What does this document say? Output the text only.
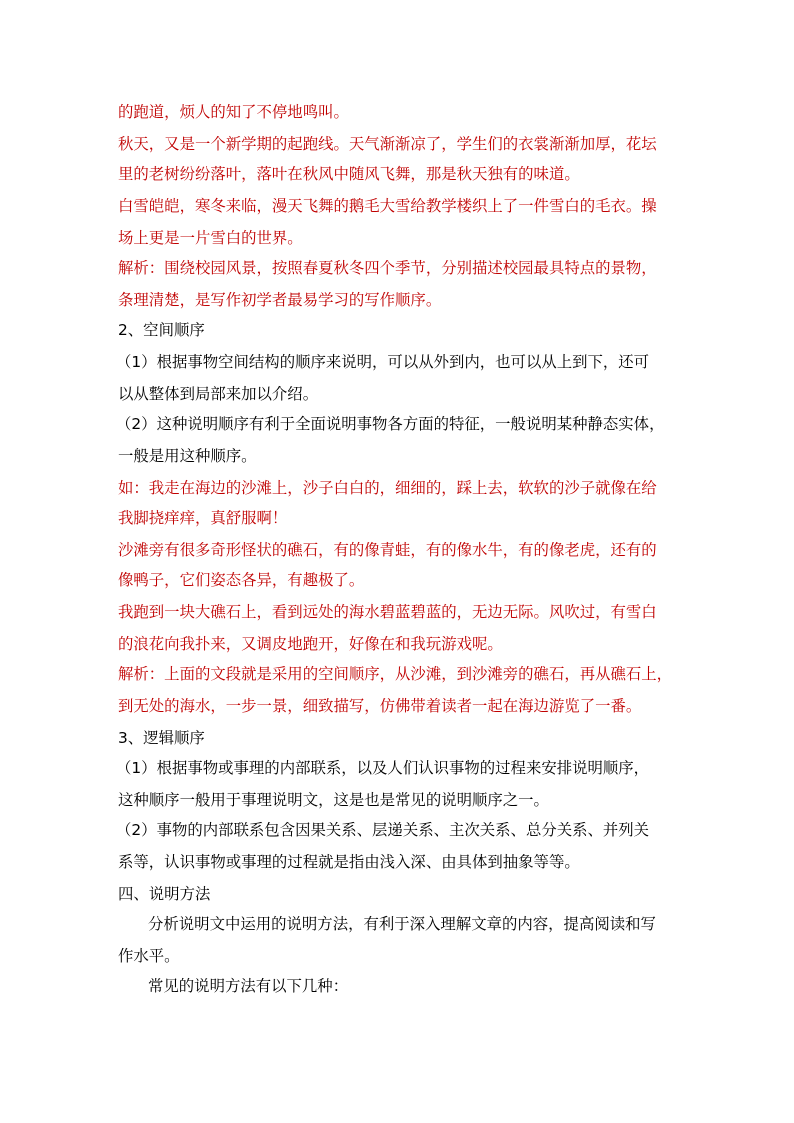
的跑道，烦人的知了不停地鸣叫。
秋天，又是一个新学期的起跑线。天气渐渐凉了，学生们的衣裳渐渐加厚，花坛
里的老树纷纷落叶，落叶在秋风中随风飞舞，那是秋天独有的味道。
白雪皑皑，寒冬来临，漫天飞舞的鹅毛大雪给教学楼织上了一件雪白的毛衣。操
场上更是一片雪白的世界。
解析：围绕校园风景，按照春夏秋冬四个季节，分别描述校园最具特点的景物，
条理清楚，是写作初学者最易学习的写作顺序。
2、空间顺序
（1）根据事物空间结构的顺序来说明，可以从外到内，也可以从上到下，还可
以从整体到局部来加以介绍。
（2）这种说明顺序有利于全面说明事物各方面的特征，一般说明某种静态实体，
一般是用这种顺序。
如：我走在海边的沙滩上，沙子白白的，细细的，踩上去，软软的沙子就像在给
我脚挠痒痒，真舒服啊！
沙滩旁有很多奇形怪状的礁石，有的像青蛙，有的像水牛，有的像老虎，还有的
像鸭子，它们姿态各异，有趣极了。
我跑到一块大礁石上，看到远处的海水碧蓝碧蓝的，无边无际。风吹过，有雪白
的浪花向我扑来，又调皮地跑开，好像在和我玩游戏呢。
解析：上面的文段就是采用的空间顺序，从沙滩，到沙滩旁的礁石，再从礁石上，
到无处的海水，一步一景，细致描写，仿佛带着读者一起在海边游览了一番。
3、逻辑顺序
（1）根据事物或事理的内部联系，以及人们认识事物的过程来安排说明顺序，
这种顺序一般用于事理说明文，这是也是常见的说明顺序之一。
（2）事物的内部联系包含因果关系、层递关系、主次关系、总分关系、并列关
系等，认识事物或事理的过程就是指由浅入深、由具体到抽象等等。
四、说明方法
分析说明文中运用的说明方法，有利于深入理解文章的内容，提高阅读和写
作水平。
常见的说明方法有以下几种：
